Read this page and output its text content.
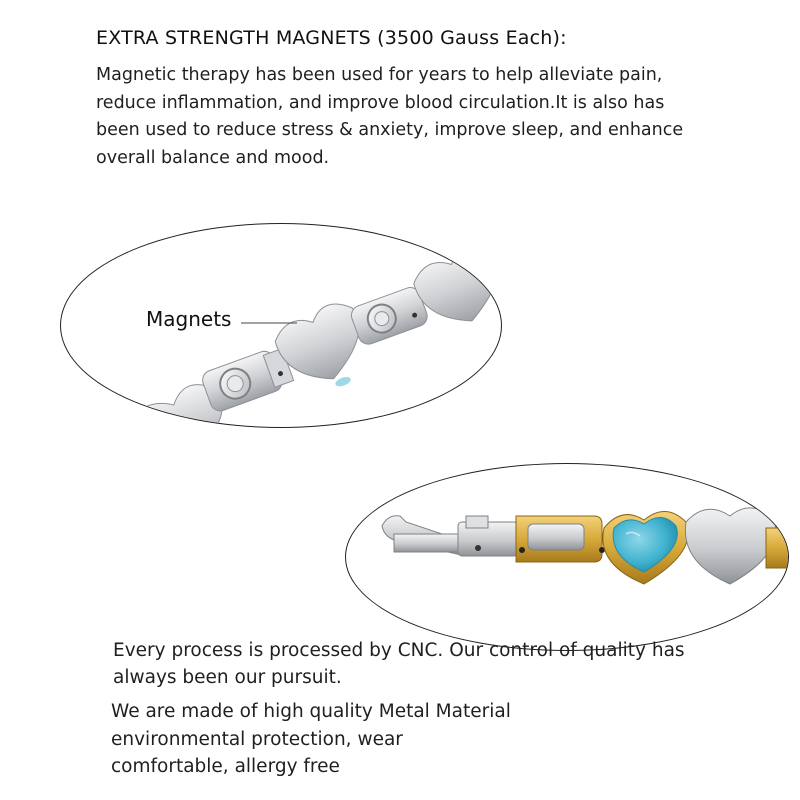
EXTRA STRENGTH MAGNETS (3500 Gauss Each):
Magnetic therapy has been used for years to help alleviate pain,
reduce inflammation, and improve blood circulation.It is also has
been used to reduce stress & anxiety, improve sleep, and enhance
overall balance and mood.
Magnets
Every process is processed by CNC. Our control of quality has
always been our pursuit.
We are made of high quality Metal Material
environmental protection, wear
comfortable, allergy free
